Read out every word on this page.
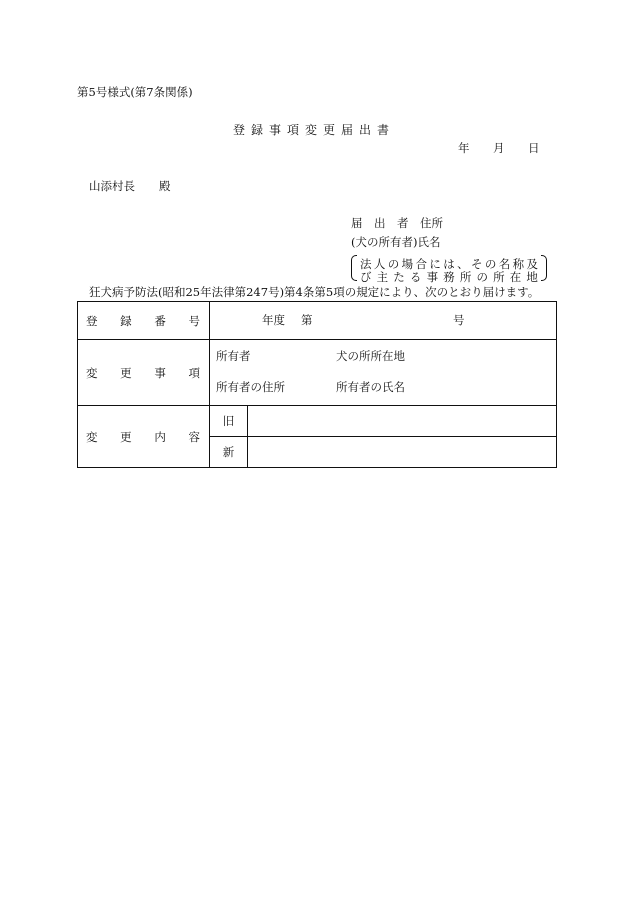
第5号様式(第7条関係)
登録事項変更届出書
年 月 日
山添村長 殿
届　出　者　住所
(犬の所有者)氏名
法 人 の 場 合 に は 、 そ の 名 称 及
び 主 た る 事 務 所 の 所 在 地
狂犬病予防法(昭和25年法律第247号)第4条第5項の規定により、次のとおり届けます。
登 録 番 号	年度 第 号	

変 更 事 項	所有者 犬の所所在地
所有者の住所 所有者の氏名	

変 更 内 容	旧	
	新	
